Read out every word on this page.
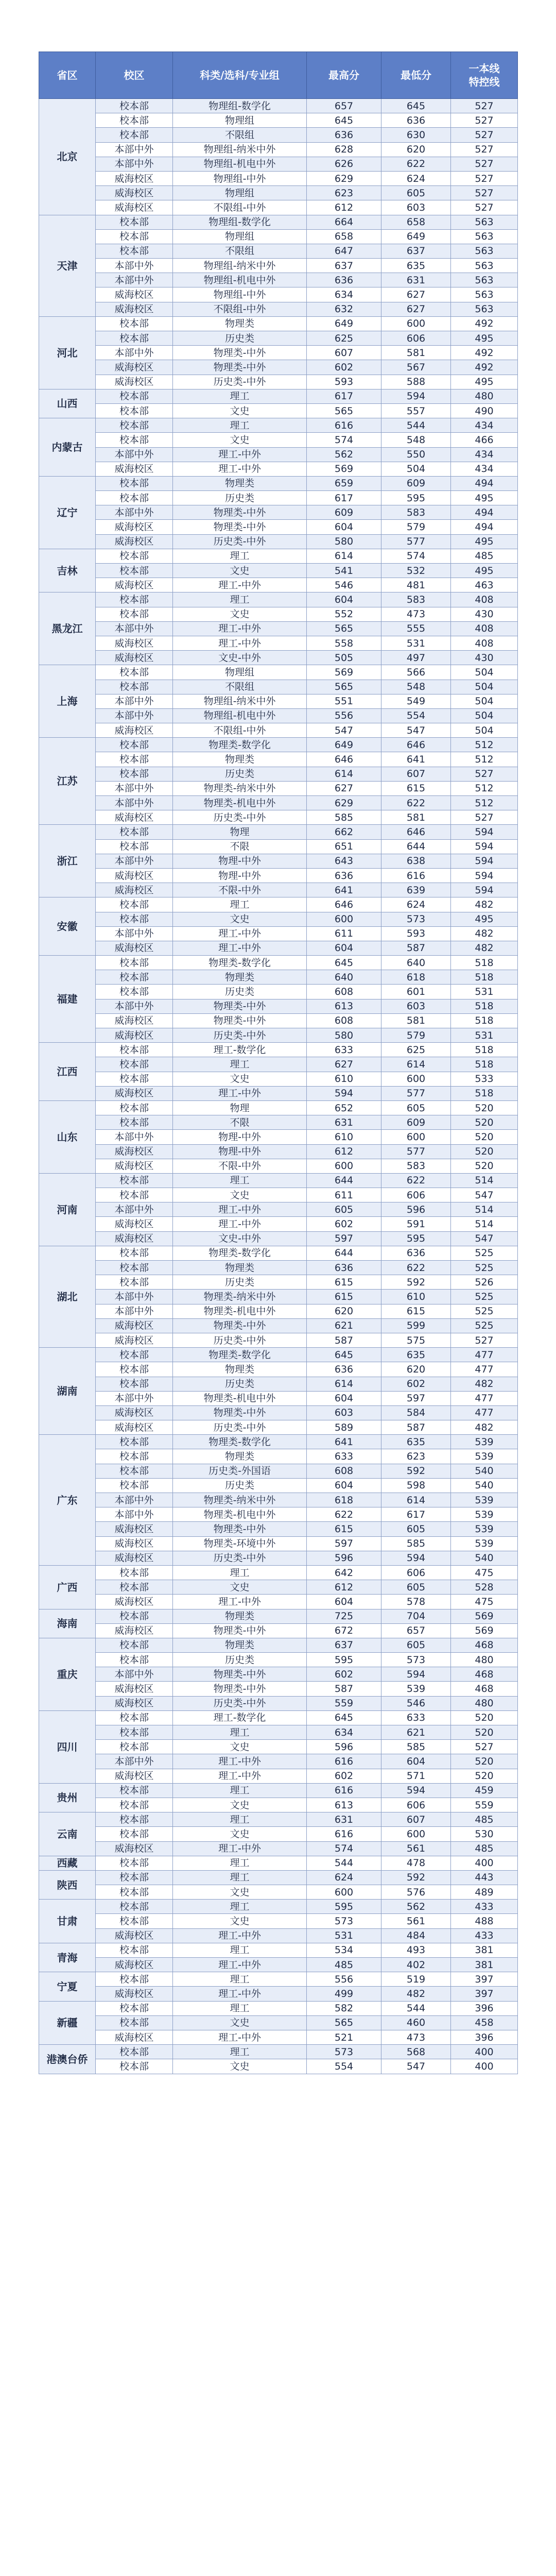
省区	校区	科类/选科/专业组	最高分	最低分	一本线
特控线
北京	校本部	物理组-数学化	657	645	527
	校本部	物理组	645	636	527
	校本部	不限组	636	630	527
	本部中外	物理组-纳米中外	628	620	527
	本部中外	物理组-机电中外	626	622	527
	威海校区	物理组-中外	629	624	527
	威海校区	物理组	623	605	527
	威海校区	不限组-中外	612	603	527
天津	校本部	物理组-数学化	664	658	563
	校本部	物理组	658	649	563
	校本部	不限组	647	637	563
	本部中外	物理组-纳米中外	637	635	563
	本部中外	物理组-机电中外	636	631	563
	威海校区	物理组-中外	634	627	563
	威海校区	不限组-中外	632	627	563
河北	校本部	物理类	649	600	492
	校本部	历史类	625	606	495
	本部中外	物理类-中外	607	581	492
	威海校区	物理类-中外	602	567	492
	威海校区	历史类-中外	593	588	495
山西	校本部	理工	617	594	480
	校本部	文史	565	557	490
内蒙古	校本部	理工	616	544	434
	校本部	文史	574	548	466
	本部中外	理工-中外	562	550	434
	威海校区	理工-中外	569	504	434
辽宁	校本部	物理类	659	609	494
	校本部	历史类	617	595	495
	本部中外	物理类-中外	609	583	494
	威海校区	物理类-中外	604	579	494
	威海校区	历史类-中外	580	577	495
吉林	校本部	理工	614	574	485
	校本部	文史	541	532	495
	威海校区	理工-中外	546	481	463
黑龙江	校本部	理工	604	583	408
	校本部	文史	552	473	430
	本部中外	理工-中外	565	555	408
	威海校区	理工-中外	558	531	408
	威海校区	文史-中外	505	497	430
上海	校本部	物理组	569	566	504
	校本部	不限组	565	548	504
	本部中外	物理组-纳米中外	551	549	504
	本部中外	物理组-机电中外	556	554	504
	威海校区	不限组-中外	547	547	504
江苏	校本部	物理类-数学化	649	646	512
	校本部	物理类	646	641	512
	校本部	历史类	614	607	527
	本部中外	物理类-纳米中外	627	615	512
	本部中外	物理类-机电中外	629	622	512
	威海校区	历史类-中外	585	581	527
浙江	校本部	物理	662	646	594
	校本部	不限	651	644	594
	本部中外	物理-中外	643	638	594
	威海校区	物理-中外	636	616	594
	威海校区	不限-中外	641	639	594
安徽	校本部	理工	646	624	482
	校本部	文史	600	573	495
	本部中外	理工-中外	611	593	482
	威海校区	理工-中外	604	587	482
福建	校本部	物理类-数学化	645	640	518
	校本部	物理类	640	618	518
	校本部	历史类	608	601	531
	本部中外	物理类-中外	613	603	518
	威海校区	物理类-中外	608	581	518
	威海校区	历史类-中外	580	579	531
江西	校本部	理工-数学化	633	625	518
	校本部	理工	627	614	518
	校本部	文史	610	600	533
	威海校区	理工-中外	594	577	518
山东	校本部	物理	652	605	520
	校本部	不限	631	609	520
	本部中外	物理-中外	610	600	520
	威海校区	物理-中外	612	577	520
	威海校区	不限-中外	600	583	520
河南	校本部	理工	644	622	514
	校本部	文史	611	606	547
	本部中外	理工-中外	605	596	514
	威海校区	理工-中外	602	591	514
	威海校区	文史-中外	597	595	547
湖北	校本部	物理类-数学化	644	636	525
	校本部	物理类	636	622	525
	校本部	历史类	615	592	526
	本部中外	物理类-纳米中外	615	610	525
	本部中外	物理类-机电中外	620	615	525
	威海校区	物理类-中外	621	599	525
	威海校区	历史类-中外	587	575	527
湖南	校本部	物理类-数学化	645	635	477
	校本部	物理类	636	620	477
	校本部	历史类	614	602	482
	本部中外	物理类-机电中外	604	597	477
	威海校区	物理类-中外	603	584	477
	威海校区	历史类-中外	589	587	482
广东	校本部	物理类-数学化	641	635	539
	校本部	物理类	633	623	539
	校本部	历史类-外国语	608	592	540
	校本部	历史类	604	598	540
	本部中外	物理类-纳米中外	618	614	539
	本部中外	物理类-机电中外	622	617	539
	威海校区	物理类-中外	615	605	539
	威海校区	物理类-环境中外	597	585	539
	威海校区	历史类-中外	596	594	540
广西	校本部	理工	642	606	475
	校本部	文史	612	605	528
	威海校区	理工-中外	604	578	475
海南	校本部	物理类	725	704	569
	威海校区	物理类-中外	672	657	569
重庆	校本部	物理类	637	605	468
	校本部	历史类	595	573	480
	本部中外	物理类-中外	602	594	468
	威海校区	物理类-中外	587	539	468
	威海校区	历史类-中外	559	546	480
四川	校本部	理工-数学化	645	633	520
	校本部	理工	634	621	520
	校本部	文史	596	585	527
	本部中外	理工-中外	616	604	520
	威海校区	理工-中外	602	571	520
贵州	校本部	理工	616	594	459
	校本部	文史	613	606	559
云南	校本部	理工	631	607	485
	校本部	文史	616	600	530
	威海校区	理工-中外	574	561	485
西藏	校本部	理工	544	478	400
陕西	校本部	理工	624	592	443
	校本部	文史	600	576	489
甘肃	校本部	理工	595	562	433
	校本部	文史	573	561	488
	威海校区	理工-中外	531	484	433
青海	校本部	理工	534	493	381
	威海校区	理工-中外	485	402	381
宁夏	校本部	理工	556	519	397
	威海校区	理工-中外	499	482	397
新疆	校本部	理工	582	544	396
	校本部	文史	565	460	458
	威海校区	理工-中外	521	473	396
港澳台侨	校本部	理工	573	568	400
	校本部	文史	554	547	400
